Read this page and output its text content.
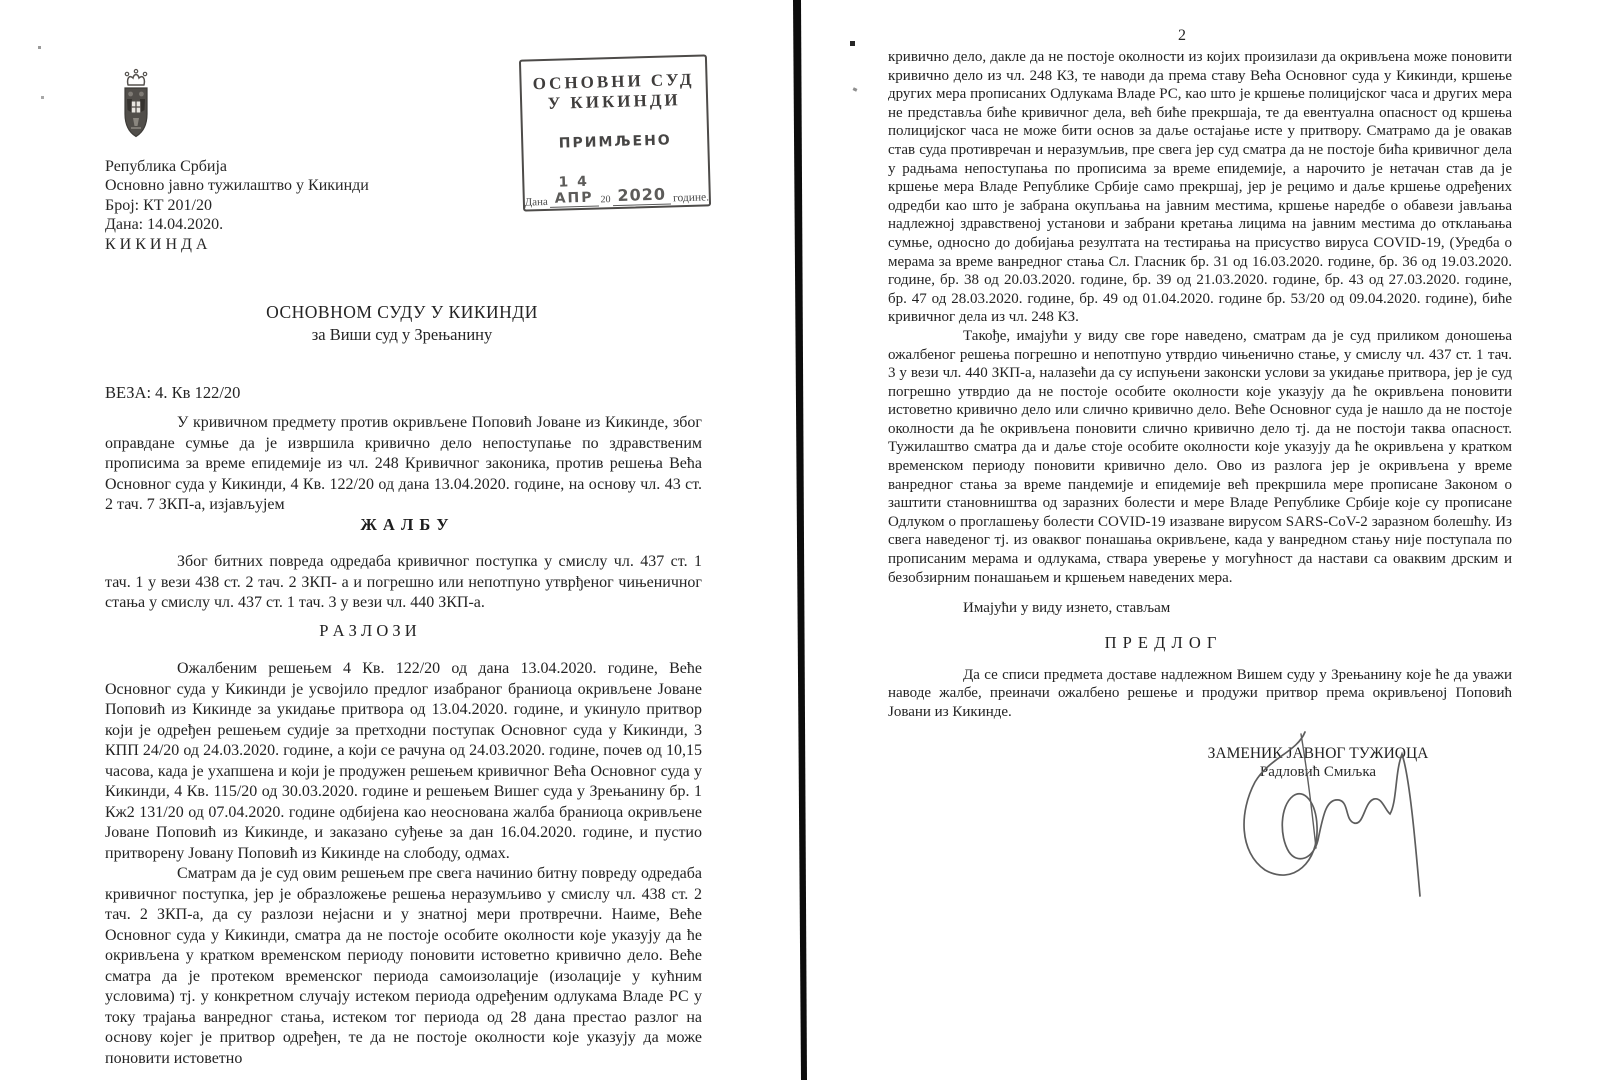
Република Србија
Основно јавно тужилаштво у Кикинди
Број: КТ 201/20
Дана: 14.04.2020.
К И К И Н Д А
ОСНОВНИ СУД
У КИКИНДИ
ПРИМЉЕНО
Дана
1 4 АПР 20 2020 године.
ОСНОВНОМ СУДУ У КИКИНДИ
за Виши суд у Зрењанину
ВЕЗА: 4. Кв 122/20

У кривичном предмету против окривљене Поповић Јоване из Кикинде, због оправдане сумње да је извршила кривично дело непоступање по здравственим прописима за време епидемије из чл. 248 Кривичног законика, против решења Већа Основног суда у Кикинди, 4 Кв. 122/20 од дана 13.04.2020. године, на основу чл. 43 ст. 2 тач. 7 ЗКП-а, изјављујем

Ж А Л Б У

Због битних повреда одредаба кривичног поступка у смислу чл. 437 ст. 1 тач. 1 у вези 438 ст. 2 тач. 2 ЗКП- а и погрешно или непотпуно утврђеног чињеничног стања у смислу чл. 437 ст. 1 тач. 3 у вези чл. 440 ЗКП-а.

Р А З Л О З И

Ожалбеним решењем 4 Кв. 122/20 од дана 13.04.2020. године, Веће Основног суда у Кикинди је усвојило предлог изабраног браниоца окривљене Јоване Поповић из Кикинде за укидање притвора од 13.04.2020. године, и укинуло притвор који је одређен решењем судије за претходни поступак Основног суда у Кикинди, 3 КПП 24/20 од 24.03.2020. године, а који се рачуна од 24.03.2020. године, почев од 10,15 часова, када је ухапшена и који је продужен решењем кривичног Већа Основног суда у Кикинди, 4 Кв. 115/20 од 30.03.2020. године и решењем Вишег суда у Зрењанину бр. 1 Кж2 131/20 од 07.04.2020. године одбијена као неоснована жалба браниоца окривљене Јоване Поповић из Кикинде, и заказано суђење за дан 16.04.2020. године, и пустио притворену Јовану Поповић из Кикинде на слободу, одмах.

Сматрам да је суд овим решењем пре свега начинио битну повреду одредаба кривичног поступка, јер је образложење решења неразумљиво у смислу чл. 438 ст. 2 тач. 2 ЗКП-а, да су разлози нејасни и у знатној мери протвречни. Наиме, Веће Основног суда у Кикинди, сматра да не постоје особите околности које указују да ће окривљена у кратком временском периоду поновити истоветно кривично дело. Веће сматра да је протеком временског периода самоизолације (изолације у кућним условима) тј. у конкретном случају истеком периода одређеним одлукама Владе РС у току трајања ванредног стања, истеком тог периода од 28 дана престао разлог на основу којег је притвор одређен, те да не постоје околности које указују да може поновити истоветно

2

кривично дело, дакле да не постоје околности из којих произилази да окривљена може поновити кривично дело из чл. 248 КЗ, те наводи да према ставу Већа Основног суда у Кикинди, кршење других мера прописаних Одлукама Владе РС, као што је кршење полицијског часа и других мера не представља биће кривичног дела, већ биће прекршаја, те да евентуална опасност од кршења полицијског часа не може бити основ за даље остајање исте у притвору. Сматрамо да је овакав став суда противречан и неразумљив, пре свега јер суд сматра да не постоје бића кривичног дела у радњама непоступања по прописима за време епидемије, а нарочито је нетачан став да је кршење мера Владе Републике Србије само прекршај, јер је рецимо и даље кршење одређених одредби као што је забрана окупљања на јавним местима, кршење наредбе о обавези јављања надлежној здравственој установи и забрани кретања лицима на јавним местима до отклањања сумње, односно до добијања резултата на тестирања на присуство вируса COVID-19, (Уредба о мерама за време ванредног стања Сл. Гласник бр. 31 од 16.03.2020. године, бр. 36 од 19.03.2020. године, бр. 38 од 20.03.2020. године, бр. 39 од 21.03.2020. године, бр. 43 од 27.03.2020. године, бр. 47 од 28.03.2020. године, бр. 49 од 01.04.2020. године бр. 53/20 од 09.04.2020. године), биће кривичног дела из чл. 248 КЗ.

Такође, имајући у виду све горе наведено, сматрам да је суд приликом доношења ожалбеног решења погрешно и непотпуно утврдио чињенично стање, у смислу чл. 437 ст. 1 тач. 3 у вези чл. 440 ЗКП-а, налазећи да су испуњени законски услови за укидање притвора, јер је суд погрешно утврдио да не постоје особите околности које указују да ће окривљена поновити истоветно кривично дело или слично кривично дело. Веће Основног суда је нашло да не постоје околности да ће окривљена поновити слично кривично дело тј. да не постоји таква опасност. Тужилаштво сматра да и даље стоје особите околности које указују да ће окривљена у кратком временском периоду поновити кривично дело. Ово из разлога јер је окривљена у време ванредног стања за време пандемије и епидемије већ прекршила мере прописане Законом о заштити становништва од заразних болести и мере Владе Републике Србије које су прописане Одлуком о проглашењу болести COVID-19 изазване вирусом SARS-CoV-2 заразном болешћу. Из свега наведеног тј. из оваквог понашања окривљене, када у ванредном стању није поступала по прописаним мерама и одлукама, ствара уверење у могућност да настави са оваквим дрским и безобзирним понашањем и кршењем наведених мера.

Имајући у виду изнето, стављам

П Р Е Д Л О Г

Да се списи предмета доставе надлежном Вишем суду у Зрењанину које ће да уважи наводе жалбе, преиначи ожалбено решење и продужи притвор према окривљеној Поповић Јовани из Кикинде.

ЗАМЕНИК ЈАВНОГ ТУЖИОЦА
Радловић Смиљка
